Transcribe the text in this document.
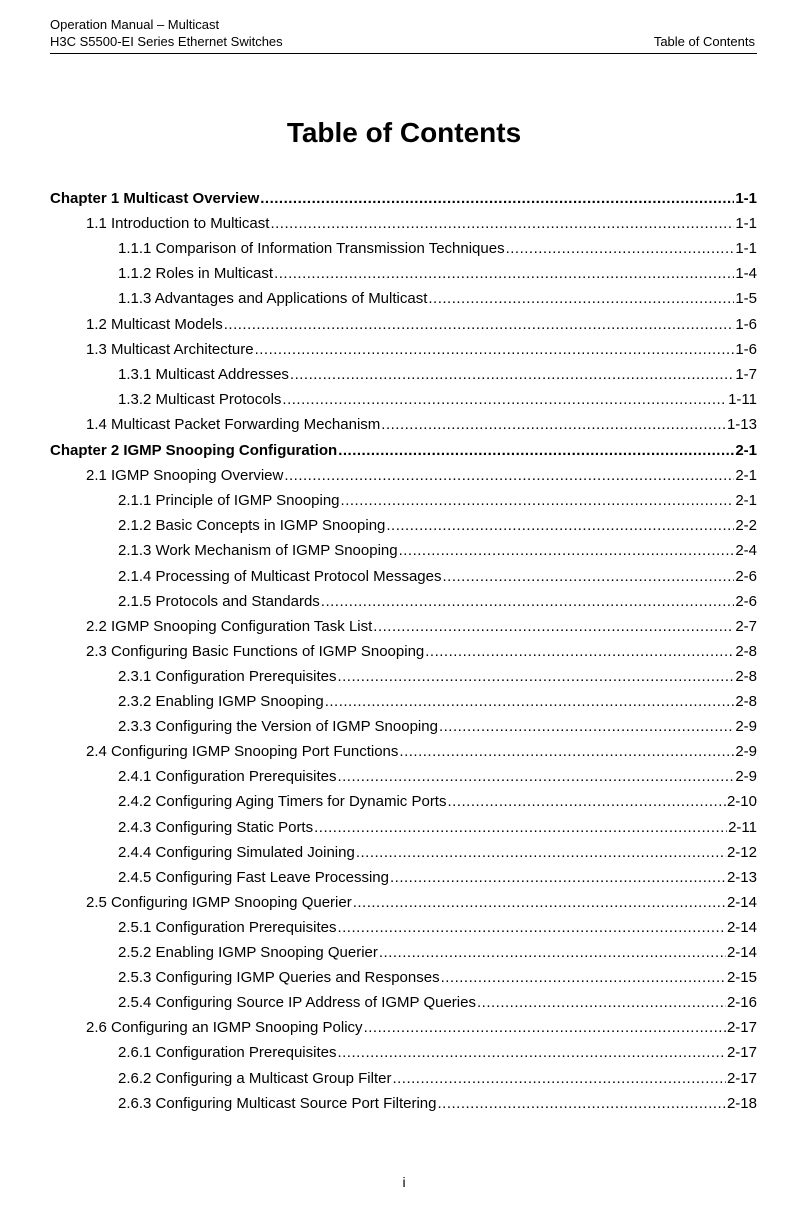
Operation Manual – Multicast
H3C S5500-EI Series Ethernet Switches	Table of Contents
Table of Contents
Chapter 1 Multicast Overview .....	1-1
1.1 Introduction to Multicast .....	1-1
1.1.1 Comparison of Information Transmission Techniques .....	1-1
1.1.2 Roles in Multicast .....	1-4
1.1.3 Advantages and Applications of Multicast .....	1-5
1.2 Multicast Models .....	1-6
1.3 Multicast Architecture .....	1-6
1.3.1 Multicast Addresses .....	1-7
1.3.2 Multicast Protocols .....	1-11
1.4 Multicast Packet Forwarding Mechanism .....	1-13
Chapter 2 IGMP Snooping Configuration .....	2-1
2.1 IGMP Snooping Overview .....	2-1
2.1.1 Principle of IGMP Snooping .....	2-1
2.1.2 Basic Concepts in IGMP Snooping .....	2-2
2.1.3 Work Mechanism of IGMP Snooping .....	2-4
2.1.4 Processing of Multicast Protocol Messages .....	2-6
2.1.5 Protocols and Standards .....	2-6
2.2 IGMP Snooping Configuration Task List .....	2-7
2.3 Configuring Basic Functions of IGMP Snooping .....	2-8
2.3.1 Configuration Prerequisites .....	2-8
2.3.2 Enabling IGMP Snooping .....	2-8
2.3.3 Configuring the Version of IGMP Snooping .....	2-9
2.4 Configuring IGMP Snooping Port Functions .....	2-9
2.4.1 Configuration Prerequisites .....	2-9
2.4.2 Configuring Aging Timers for Dynamic Ports .....	2-10
2.4.3 Configuring Static Ports .....	2-11
2.4.4 Configuring Simulated Joining .....	2-12
2.4.5 Configuring Fast Leave Processing .....	2-13
2.5 Configuring IGMP Snooping Querier .....	2-14
2.5.1 Configuration Prerequisites .....	2-14
2.5.2 Enabling IGMP Snooping Querier .....	2-14
2.5.3 Configuring IGMP Queries and Responses .....	2-15
2.5.4 Configuring Source IP Address of IGMP Queries .....	2-16
2.6 Configuring an IGMP Snooping Policy .....	2-17
2.6.1 Configuration Prerequisites .....	2-17
2.6.2 Configuring a Multicast Group Filter .....	2-17
2.6.3 Configuring Multicast Source Port Filtering .....	2-18
i
